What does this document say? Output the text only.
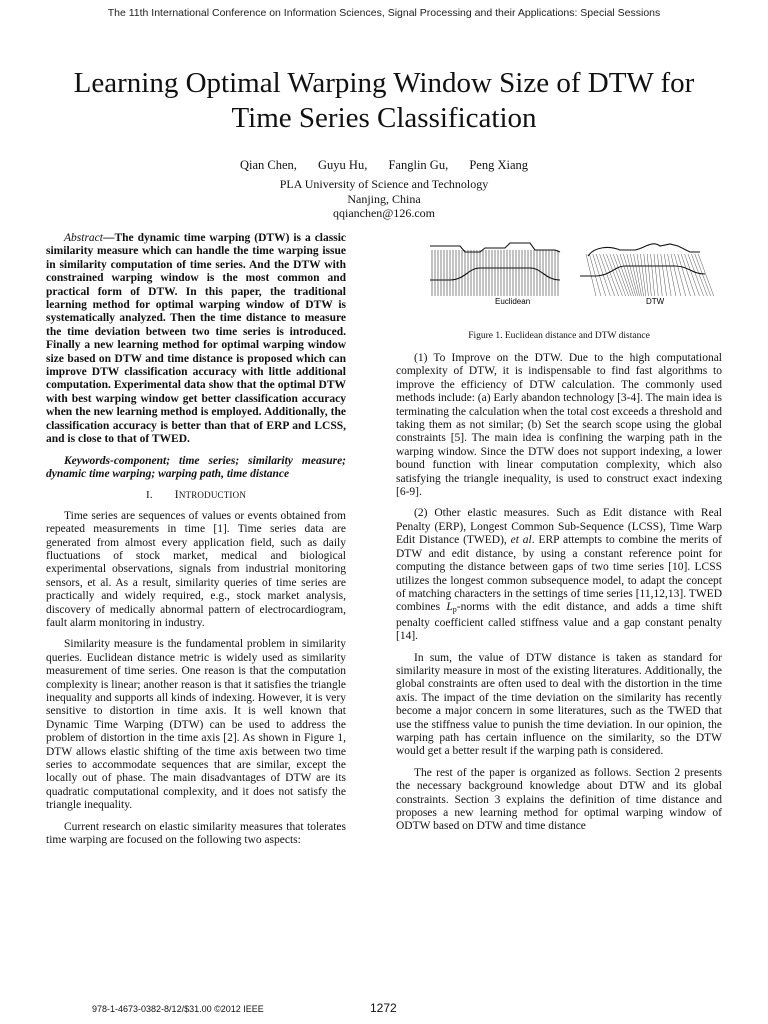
The 11th International Conference on Information Sciences, Signal Processing and their Applications: Special Sessions
Learning Optimal Warping Window Size of DTW for
Time Series Classification
Qian Chen, Guyu Hu, Fanglin Gu, Peng Xiang
PLA University of Science and Technology
Nanjing, China
qqianchen@126.com

Abstract—The dynamic time warping (DTW) is a classic similarity measure which can handle the time warping issue in similarity computation of time series. And the DTW with constrained warping window is the most common and practical form of DTW. In this paper, the traditional learning method for optimal warping window of DTW is systematically analyzed. Then the time distance to measure the time deviation between two time series is introduced. Finally a new learning method for optimal warping window size based on DTW and time distance is proposed which can improve DTW classification accuracy with little additional computation. Experimental data show that the optimal DTW with best warping window get better classification accuracy when the new learning method is employed. Additionally, the classification accuracy is better than that of ERP and LCSS, and is close to that of TWED.

Keywords-component; time series; similarity measure; dynamic time warping; warping path, time distance

I. INTRODUCTION

Time series are sequences of values or events obtained from repeated measurements in time [1]. Time series data are generated from almost every application field, such as daily fluctuations of stock market, medical and biological experimental observations, signals from industrial monitoring sensors, et al. As a result, similarity queries of time series are practically and widely required, e.g., stock market analysis, discovery of medically abnormal pattern of electrocardiogram, fault alarm monitoring in industry.

Similarity measure is the fundamental problem in similarity queries. Euclidean distance metric is widely used as similarity measurement of time series. One reason is that the computation complexity is linear; another reason is that it satisfies the triangle inequality and supports all kinds of indexing. However, it is very sensitive to distortion in time axis. It is well known that Dynamic Time Warping (DTW) can be used to address the problem of distortion in the time axis [2]. As shown in Figure 1, DTW allows elastic shifting of the time axis between two time series to accommodate sequences that are similar, except the locally out of phase. The main disadvantages of DTW are its quadratic computational complexity, and it does not satisfy the triangle inequality.

Current research on elastic similarity measures that tolerates time warping are focused on the following two aspects:

Euclidean	DTW
Figure 1. Euclidean distance and DTW distance

(1) To Improve on the DTW. Due to the high computational complexity of DTW, it is indispensable to find fast algorithms to improve the efficiency of DTW calculation. The commonly used methods include: (a) Early abandon technology [3-4]. The main idea is terminating the calculation when the total cost exceeds a threshold and taking them as not similar; (b) Set the search scope using the global constraints [5]. The main idea is confining the warping path in the warping window. Since the DTW does not support indexing, a lower bound function with linear computation complexity, which also satisfying the triangle inequality, is used to construct exact indexing [6-9].

(2) Other elastic measures. Such as Edit distance with Real Penalty (ERP), Longest Common Sub-Sequence (LCSS), Time Warp Edit Distance (TWED), et al. ERP attempts to combine the merits of DTW and edit distance, by using a constant reference point for computing the distance between gaps of two time series [10]. LCSS utilizes the longest common subsequence model, to adapt the concept of matching characters in the settings of time series [11,12,13]. TWED combines $L_p$-norms with the edit distance, and adds a time shift penalty coefficient called stiffness value and a gap constant penalty [14].

In sum, the value of DTW distance is taken as standard for similarity measure in most of the existing literatures. Additionally, the global constraints are often used to deal with the distortion in the time axis. The impact of the time deviation on the similarity has recently become a major concern in some literatures, such as the TWED that use the stiffness value to punish the time deviation. In our opinion, the warping path has certain influence on the similarity, so the DTW would get a better result if the warping path is considered.

The rest of the paper is organized as follows. Section 2 presents the necessary background knowledge about DTW and its global constraints. Section 3 explains the definition of time distance and proposes a new learning method for optimal warping window of ODTW based on DTW and time distance

978-1-4673-0382-8/12/$31.00 ©2012 IEEE	1272
